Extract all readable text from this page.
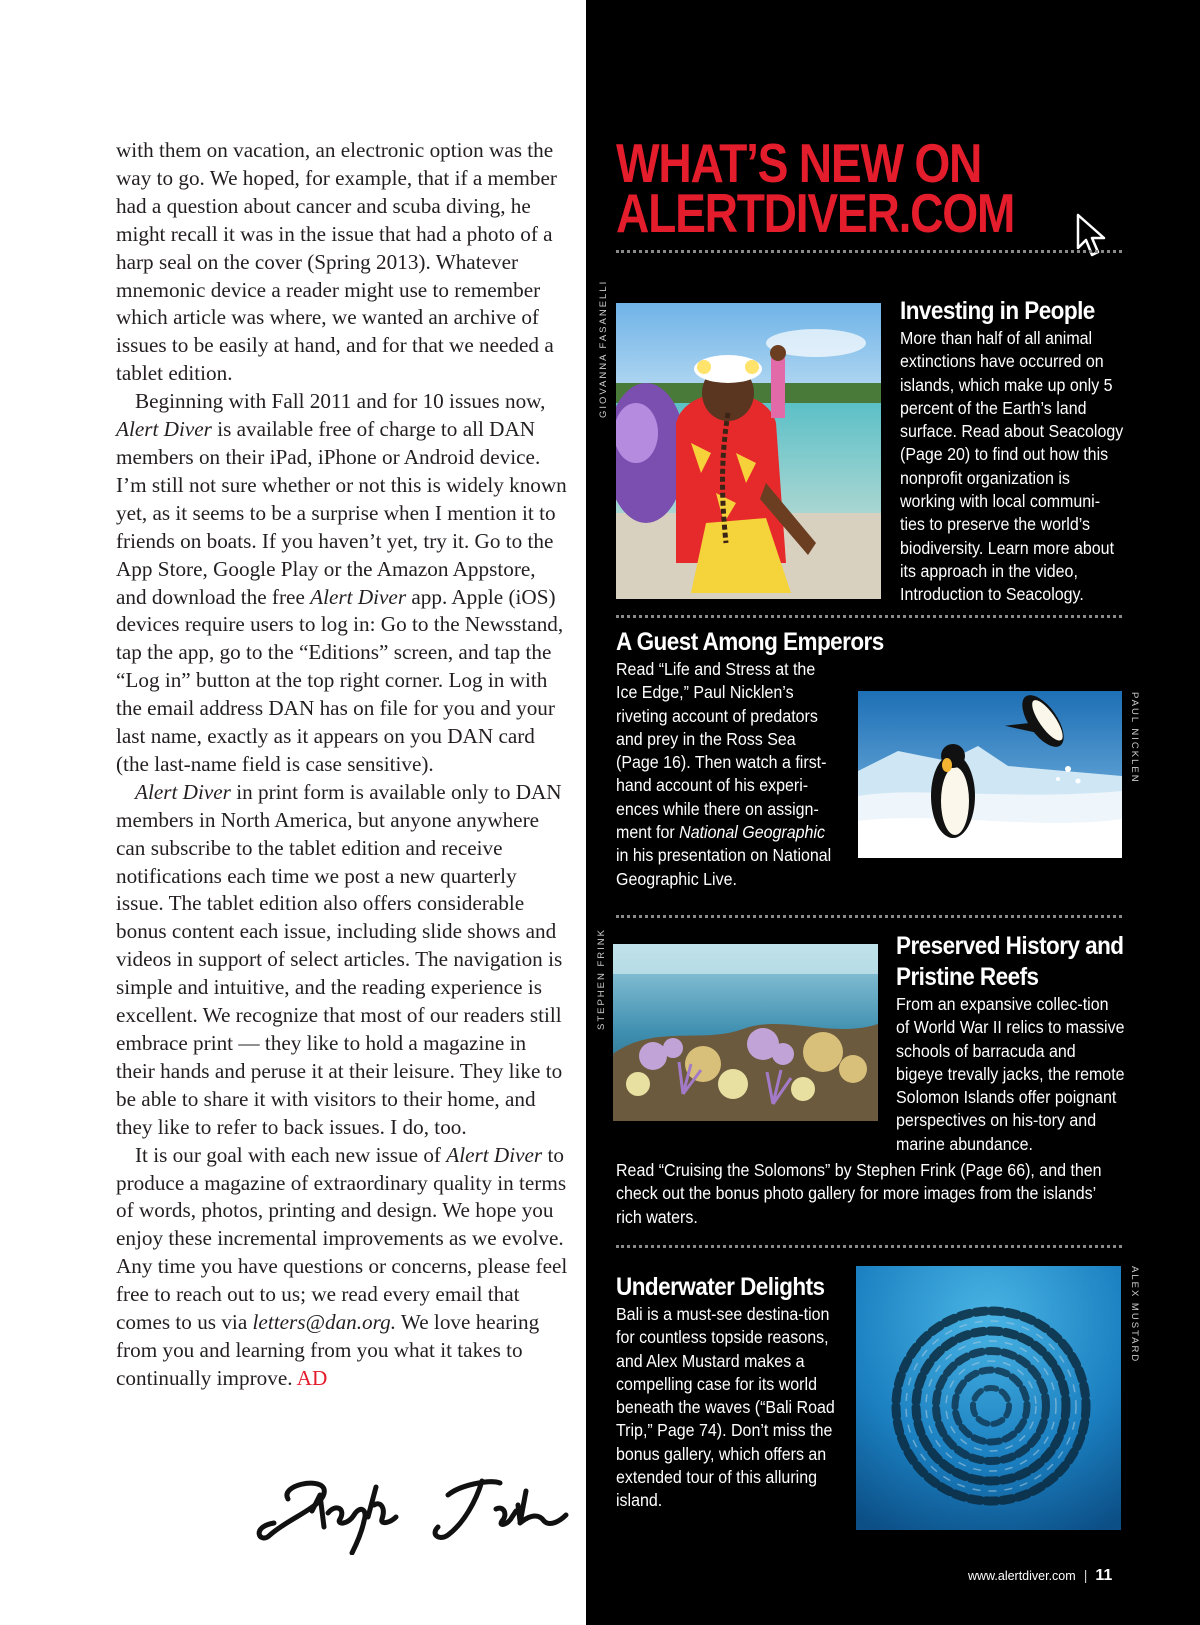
with them on vacation, an electronic option was the way to go. We hoped, for example, that if a member had a question about cancer and scuba diving, he might recall it was in the issue that had a photo of a harp seal on the cover (Spring 2013). Whatever mnemonic device a reader might use to remember which article was where, we wanted an archive of issues to be easily at hand, and for that we needed a tablet edition.

Beginning with Fall 2011 and for 10 issues now, Alert Diver is available free of charge to all DAN members on their iPad, iPhone or Android device. I’m still not sure whether or not this is widely known yet, as it seems to be a surprise when I mention it to friends on boats. If you haven’t yet, try it. Go to the App Store, Google Play or the Amazon Appstore, and download the free Alert Diver app. Apple (iOS) devices require users to log in: Go to the Newsstand, tap the app, go to the “Editions” screen, and tap the “Log in” button at the top right corner. Log in with the email address DAN has on file for you and your last name, exactly as it appears on you DAN card (the last-name field is case sensitive).

Alert Diver in print form is available only to DAN members in North America, but anyone anywhere can subscribe to the tablet edition and receive notifications each time we post a new quarterly issue. The tablet edition also offers considerable bonus content each issue, including slide shows and videos in support of select articles. The navigation is simple and intuitive, and the reading experience is excellent. We recognize that most of our readers still embrace print — they like to hold a magazine in their hands and peruse it at their leisure. They like to be able to share it with visitors to their home, and they like to refer to back issues. I do, too.

It is our goal with each new issue of Alert Diver to produce a magazine of extraordinary quality in terms of words, photos, printing and design. We hope you enjoy these incremental improvements as we evolve. Any time you have questions or concerns, please feel free to reach out to us; we read every email that comes to us via letters@dan.org. We love hearing from you and learning from you what it takes to continually improve. AD

WHAT’S NEW ON
ALERTDIVER.COM
GIOVANNA FASANELLI	Investing in People
More than half of all animal extinctions have occurred on islands, which make up only 5 percent of the Earth’s land surface. Read about Seacology (Page 20) to find out how this nonprofit organization is working with local communi-ties to preserve the world’s biodiversity. Learn more about its approach in the video, Introduction to Seacology.
A Guest Among Emperors
Read “Life and Stress at the Ice Edge,” Paul Nicklen’s riveting account of predators and prey in the Ross Sea (Page 16). Then watch a first-hand account of his experi-ences while there on assign-ment for National Geographic in his presentation on National Geographic Live.
PAUL NICKLEN
STEPHEN FRINK	Preserved History and
Pristine Reefs
From an expansive collec-tion of World War II relics to massive schools of barracuda and bigeye trevally jacks, the remote Solomon Islands offer poignant perspectives on his-tory and marine abundance.
Read “Cruising the Solomons” by Stephen Frink (Page 66), and then check out the bonus photo gallery for more images from the islands’ rich waters.
Underwater Delights
Bali is a must-see destina-tion for countless topside reasons, and Alex Mustard makes a compelling case for its world beneath the waves (“Bali Road Trip,” Page 74). Don’t miss the bonus gallery, which offers an extended tour of this alluring island.
ALEX MUSTARD
www.alertdiver.com | 11
